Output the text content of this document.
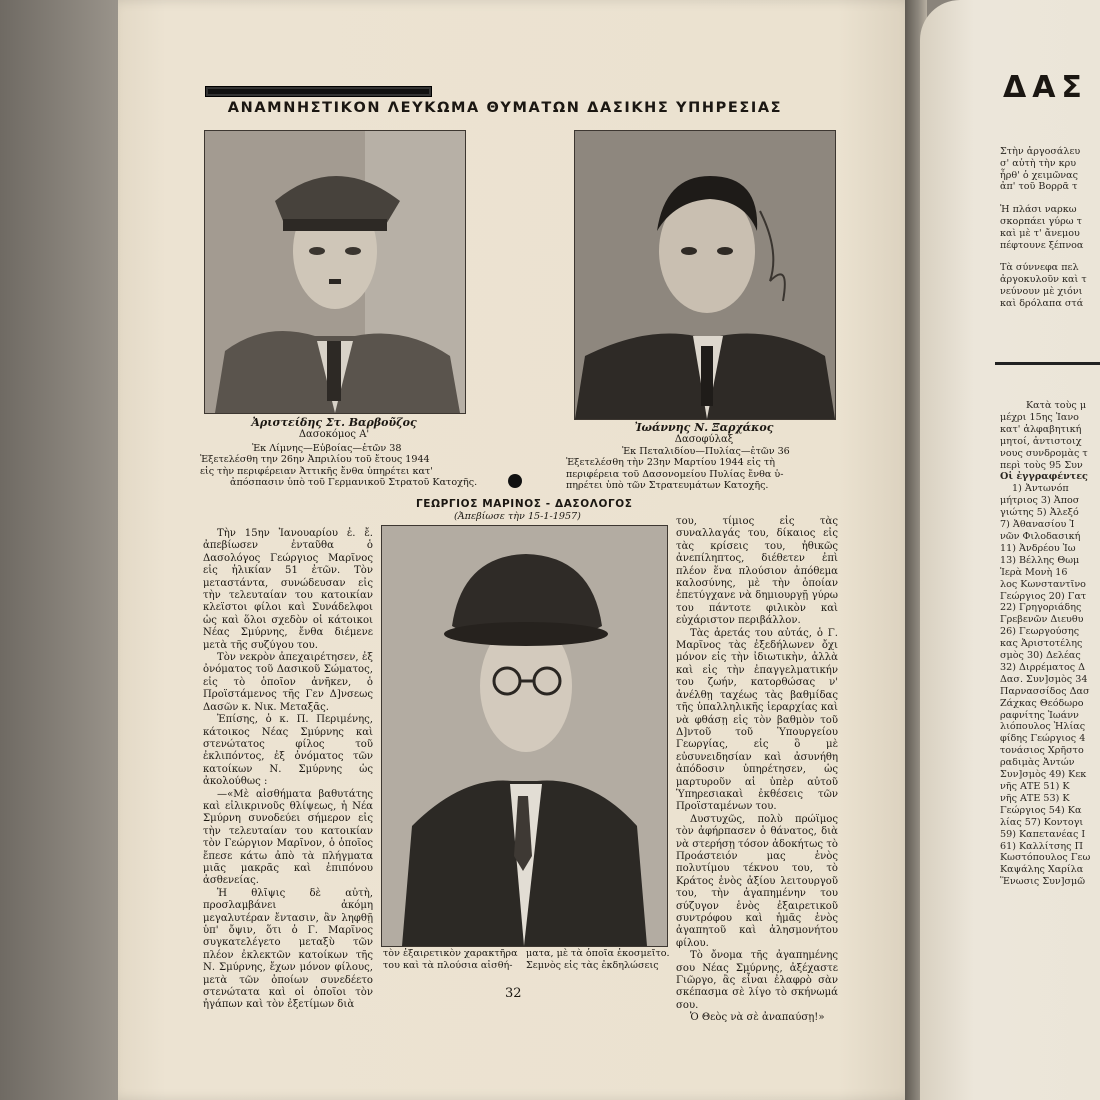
ΑΝΑΜΝΗΣΤΙΚΟΝ ΛΕΥΚΩΜΑ ΘΥΜΑΤΩΝ ΔΑΣΙΚΗΣ ΥΠΗΡΕΣΙΑΣ
Ἀριστείδης Στ. Βαρβοῦζος
Δασοκόμος Α'
Ἐκ Λίμνης—Εὐβοίας—ἐτῶν 38
Ἐξετελέσθη την 26ην Ἀπριλίου τοῦ ἔτους 1944
εἰς τὴν περιφέρειαν Ἀττικῆς ἔνθα ὑπηρέτει κατ'
ἀπόσπασιν ὑπὸ τοῦ Γερμανικοῦ Στρατοῦ Κατοχῆς.
Ἰωάννης Ν. Ξαρχάκος
Δασοφύλαξ
Ἐκ Πεταλιδίου—Πυλίας—ἐτῶν 36
Ἐξετελέσθη τὴν 23ην Μαρτίου 1944 εἰς τὴ
περιφέρεια τοῦ Δασονομείου Πυλίας ἔνθα ὑ-
πηρέτει ὑπὸ τῶν Στρατευμάτων Κατοχῆς.
ΓΕΩΡΓΙΟΣ ΜΑΡΙΝΟΣ - ΔΑΣΟΛΟΓΟΣ
(Ἀπεβίωσε τὴν 15-1-1957)

Τὴν 15ην Ἰανουαρίου ἐ. ἔ. ἀπεβίωσεν ἐνταῦθα ὁ Δασολόγος Γεώργιος Μαρῖνος εἰς ἡλικίαν 51 ἐτῶν. Τὸν μεταστάντα, συνώδευσαν εἰς τὴν τελευταίαν του κατοικίαν κλεϊστοι φίλοι καὶ Συνάδελφοι ὡς καὶ ὅλοι σχεδὸν οἱ κάτοικοι Νέας Σμύρνης, ἔνθα διέμενε μετὰ τῆς συζύγου του.

Τὸν νεκρὸν ἀπεχαιρέτησεν, ἐξ ὀνόματος τοῦ Δασικοῦ Σώματος, εἰς τὸ ὁποῖον ἀνῆκεν, ὁ Προϊστάμενος τῆς Γεν Δ]νσεως Δασῶν κ. Νικ. Μεταξᾶς.

Ἐπίσης, ὁ κ. Π. Περιμένης, κάτοικος Νέας Σμύρνης καὶ στενώτατος φίλος τοῦ ἐκλιπόντος, ἐξ ὀνόματος τῶν κατοίκων Ν. Σμύρνης ὡς ἀκολούθως :

—«Μὲ αἰσθήματα βαθυτάτης καὶ εἰλικρινοῦς θλίψεως, ἡ Νέα Σμύρνη συνοδεύει σήμερον εἰς τὴν τελευταίαν του κατοικίαν τὸν Γεώργιον Μαρῖνον, ὁ ὁποῖος ἔπεσε κάτω ἀπὸ τὰ πλήγματα μιᾶς μακρᾶς καὶ ἐπιπόνου ἀσθενείας.

Ἡ θλῖψις δὲ αὐτὴ, προσλαμβάνει ἀκόμη μεγαλυτέραν ἔντασιν, ἂν ληφθῇ ὑπ' ὄψιν, ὅτι ὁ Γ. Μαρῖνος συγκατελέγετο μεταξὺ τῶν πλέον ἐκλεκτῶν κατοίκων τῆς Ν. Σμύρνης, ἔχων μόνον φίλους, μετὰ τῶν ὁποίων συνεδέετο στενώτατα καὶ οἱ ὁποῖοι τὸν ἠγάπων καὶ τὸν ἐξετίμων διὰ

τὸν ἐξαιρετικὸν χαρακτῆρα
του καὶ τὰ πλούσια αἰσθή-
ματα, μὲ τὰ ὁποῖα ἐκοσμεῖτο.
Σεμνὸς εἰς τὰς ἐκδηλώσεις

του, τίμιος εἰς τὰς συναλλαγάς του, δίκαιος εἰς τὰς κρίσεις του, ἠθικῶς ἀνεπίληπτος, διέθετεν ἐπὶ πλέον ἕνα πλούσιον ἀπόθεμα καλοσύνης, μὲ τὴν ὁποίαν ἐπετύγχανε νὰ δημιουργῇ γύρω του πάντοτε φιλικὸν καὶ εὐχάριστον περιβάλλον.

Τὰς ἀρετάς του αὐτάς, ὁ Γ. Μαρῖνος τὰς ἐξεδήλωνεν ὄχι μόνον εἰς τὴν ἰδιωτικὴν, ἀλλὰ καὶ εἰς τὴν ἐπαγγελματικήν του ζωήν, κατορθώσας ν' ἀνέλθῃ ταχέως τὰς βαθμίδας τῆς ὑπαλληλικῆς ἱεραρχίας καὶ νὰ φθάσῃ εἰς τὸν βαθμὸν τοῦ Δ]ντοῦ τοῦ Ὑπουργείου Γεωργίας, εἰς ὃ μὲ εὐσυνειδησίαν καὶ ἀσυνήθη ἀπόδοσιν ὑπηρέτησεν, ὡς μαρτυροῦν αἱ ὑπὲρ αὐτοῦ Ὑπηρεσιακαὶ ἐκθέσεις τῶν Προϊσταμένων του.

Δυστυχῶς, πολὺ πρώϊμος τὸν ἀφήρπασεν ὁ θάνατος, διὰ νὰ στερήσῃ τόσον ἀδοκήτως τὸ Προάστειόν μας ἑνὸς πολυτίμου τέκνου του, τὸ Κράτος ἑνὸς ἀξίου λειτουργοῦ του, τὴν ἀγαπημένην του σύζυγον ἑνὸς ἐξαιρετικοῦ συντρόφου καὶ ἡμᾶς ἑνὸς ἀγαπητοῦ καὶ ἀλησμονήτου φίλου.

Τὸ ὄνομα τῆς ἀγαπημένης σου Νέας Σμύρνης, ἀξέχαστε Γιῶργο, ἂς εἶναι ἐλαφρὸ σὰν σκέπασμα σὲ λίγο τὸ σκήνωμά σου.

Ὁ Θεὸς νὰ σὲ ἀναπαύσῃ!»

32
ΔΑΣ
Στὴν ἀργοσάλευ
σ' αὐτὴ τὴν κρυ
ἦρθ' ὁ χειμῶνας
ἀπ' τοῦ Βορρᾶ τ
Ἡ πλάσι ναρκω
σκορπάει γύρω τ
καὶ μὲ τ' ἄνεμου
πέφτουνε ξέπνοα
Τὰ σύννεφα πελ
ἀργοκυλοῦν καὶ τ
νεύνουν μὲ χιόνι
καὶ δρόλαπα στά
Κατὰ τοὺς μ
μέχρι 15ης Ἰανο
κατ' ἀλφαβητική
μητοί, ἀντιστοιχ
νους συνδρομὰς τ
περὶ τοὺς 95 Συν
Οἱ ἐγγραφέντες
1) Ἀντωνόπ
μήτριος 3) Ἀποσ
γιώτης 5) Ἀλεξό
7) Ἀθανασίου Ἰ
νῶν Φιλοδασική
11) Ἀνδρέου Ἰω
13) Βέλλης Θωμ
Ἱερὰ Μονὴ 16
λος Κωνσταντῖνο
Γεώργιος 20) Γατ
22) Γρηγοριάδης
Γρεβενῶν Διευθυ
26) Γεωργούσης
κας Ἀριστοτέλης
σμὸς 30) Δελέας
32) Διρρέματος Δ
Δασ. Συν]σμὸς 34
Παρνασσίδος Δασ
Ζάχκας Θεόδωρο
ραφνίτης Ἰωάνν
λιόπουλος Ἠλίας
φίδης Γεώργιος 4
τονάσιος Χρῆστο
ραδιμὰς Ἀντών
Συν]σμὸς 49) Κεκ
νῆς ΑΤΕ 51) Κ
νῆς ΑΤΕ 53) Κ
Γεώργιος 54) Κα
λίας 57) Κοντογι
59) Καπετανέας Ι
61) Καλλίτσης Π
Κωστόπουλος Γεω
Καψάλης Χαρίλα
Ἕνωσις Συν]σμῶ
